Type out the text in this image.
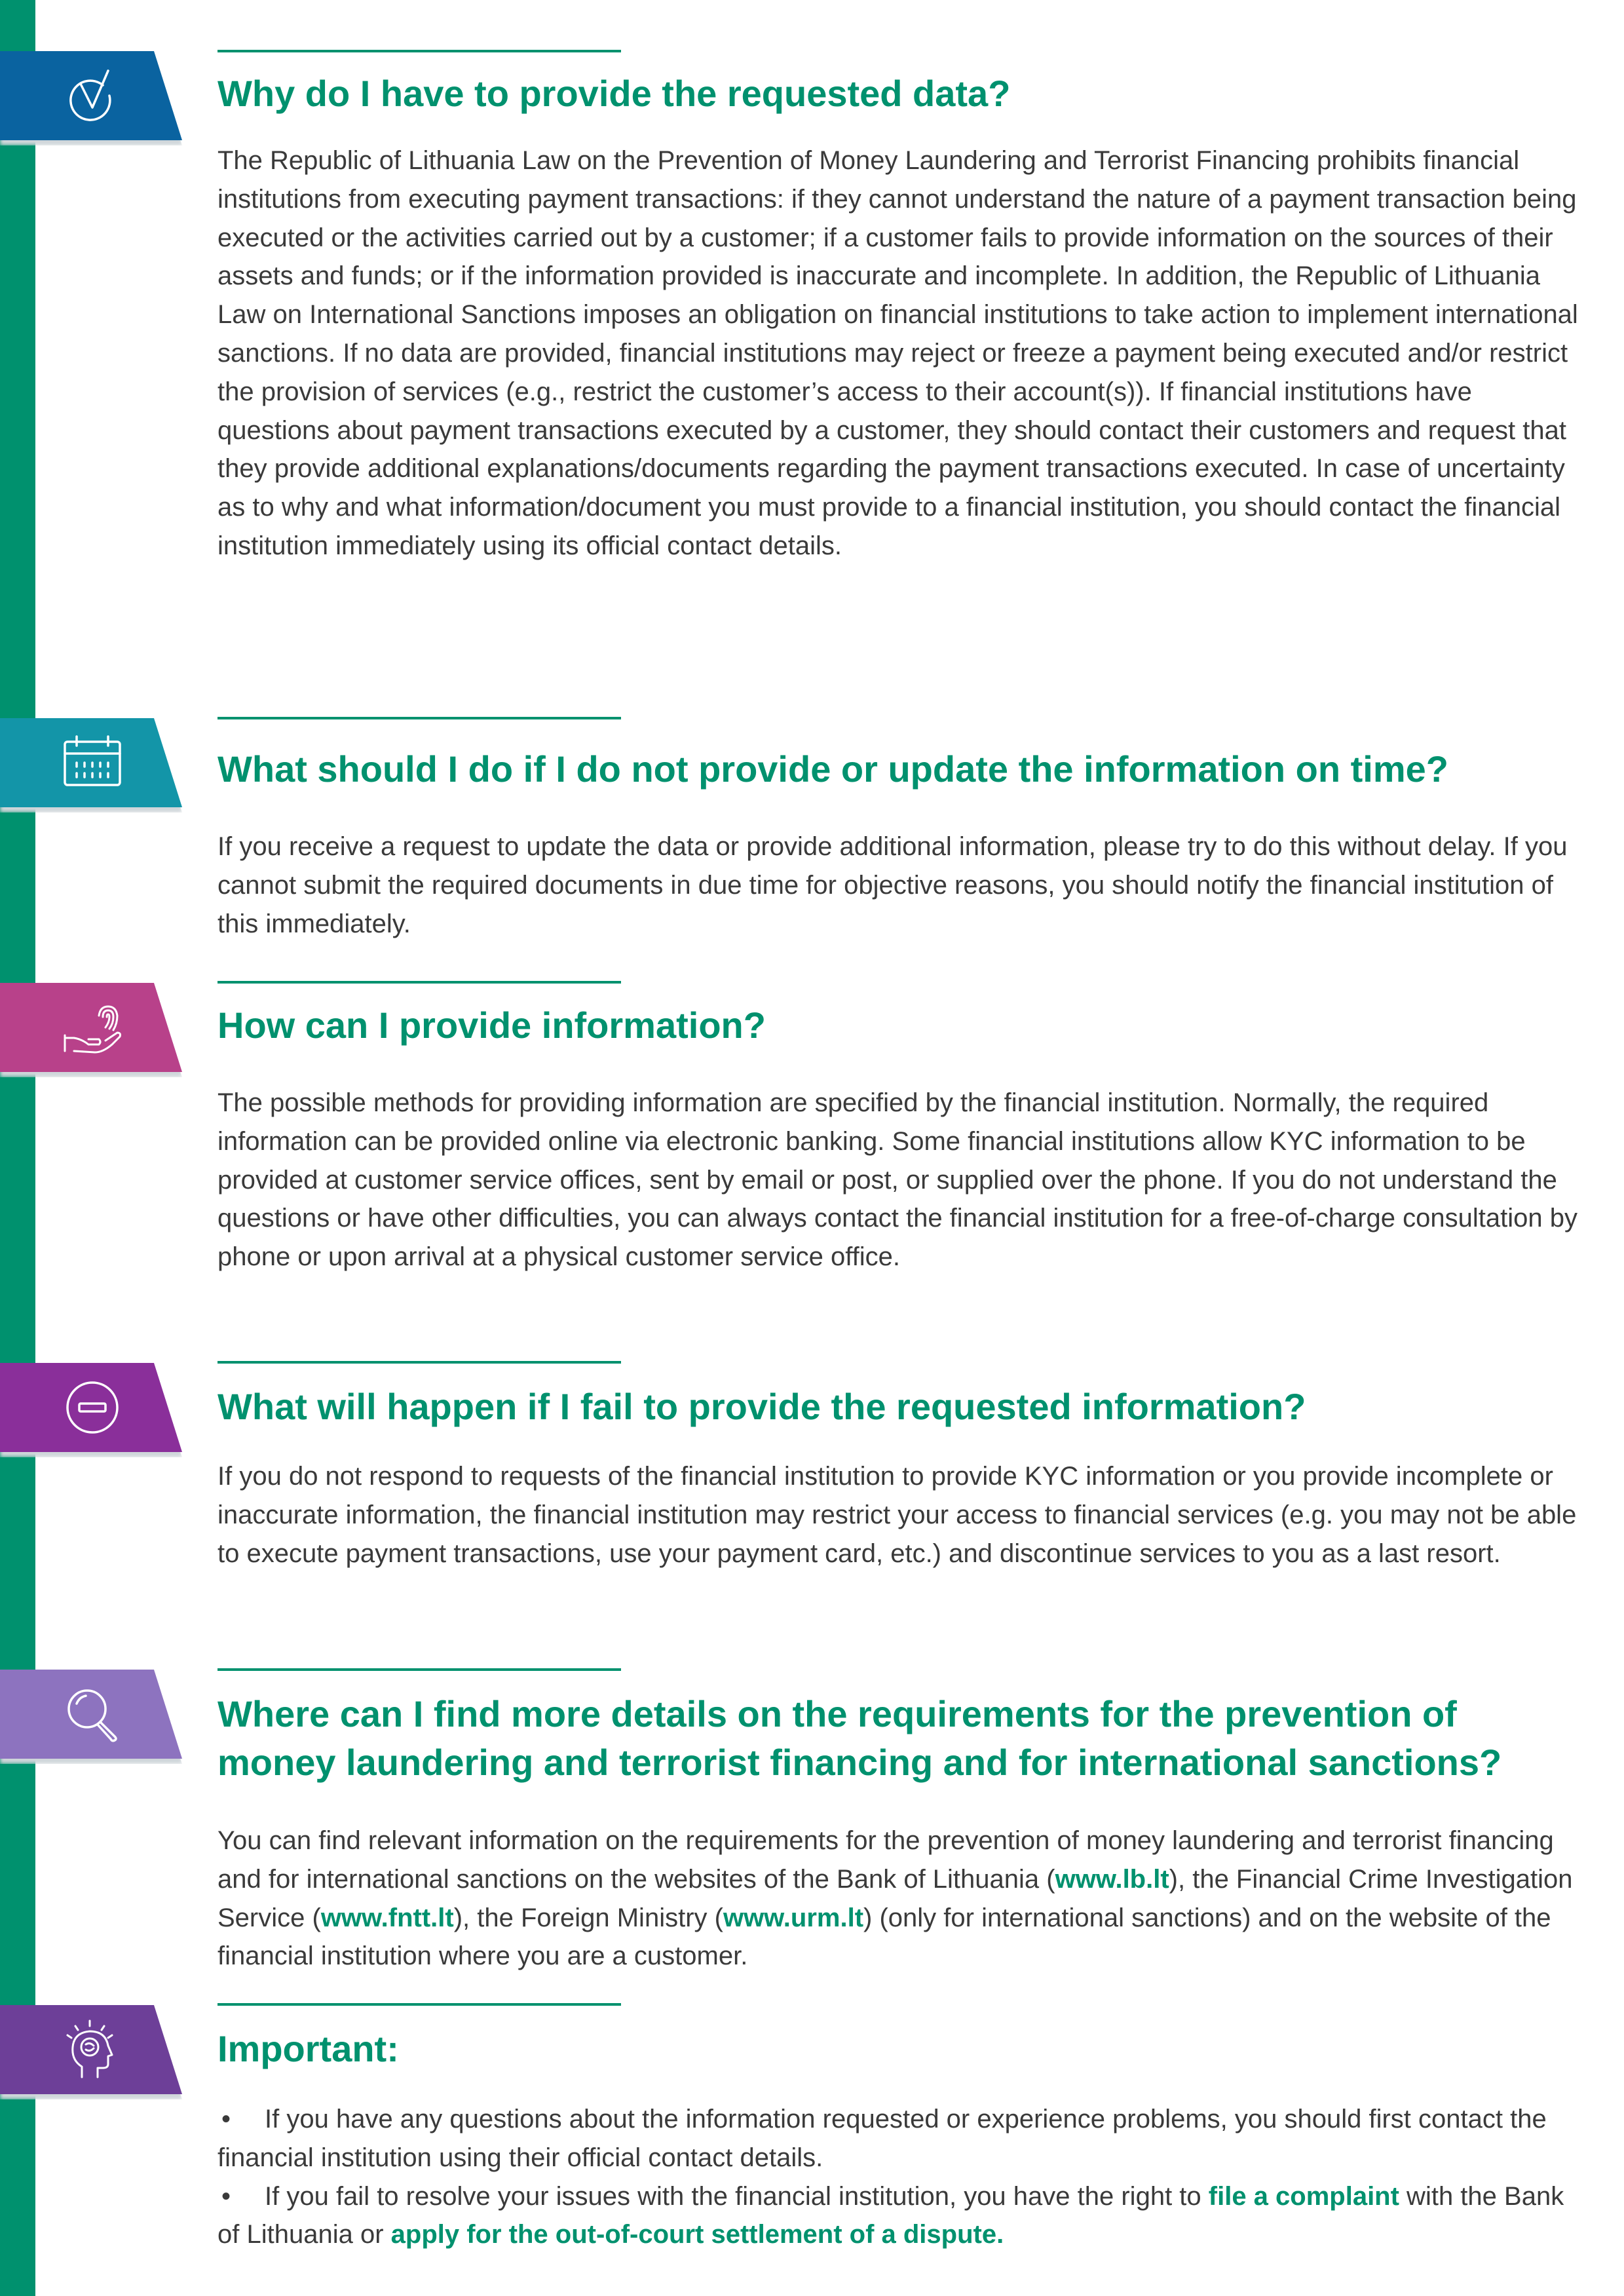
Why do I have to provide the requested data?

The Republic of Lithuania Law on the Prevention of Money Laundering and Terrorist Financing prohibits financial institutions from executing payment transactions: if they cannot understand the nature of a payment transaction being executed or the activities carried out by a customer; if a customer fails to provide information on the sources of their assets and funds; or if the information provided is inaccurate and incomplete. In addition, the Republic of Lithuania Law on International Sanctions imposes an obligation on financial institutions to take action to implement international sanctions. If no data are provided, financial institutions may reject or freeze a payment being executed and/or restrict the provision of services (e.g., restrict the customer’s access to their account(s)). If financial institutions have questions about payment transactions executed by a customer, they should contact their customers and request that they provide additional explanations/documents regarding the payment transactions executed. In case of uncertainty as to why and what information/document you must provide to a financial institution, you should contact the financial institution immediately using its official contact details.

What should I do if I do not provide or update the information on time?

If you receive a request to update the data or provide additional information, please try to do this without delay. If you cannot submit the required documents in due time for objective reasons, you should notify the financial institution of this immediately.

How can I provide information?

The possible methods for providing information are specified by the financial institution. Normally, the required information can be provided online via electronic banking. Some financial institutions allow KYC information to be provided at customer service offices, sent by email or post, or supplied over the phone. If you do not understand the questions or have other difficulties, you can always contact the financial institution for a free-of-charge consultation by phone or upon arrival at a physical customer service office.

What will happen if I fail to provide the requested information?

If you do not respond to requests of the financial institution to provide KYC information or you provide incomplete or inaccurate information, the financial institution may restrict your access to financial services (e.g. you may not be able to execute payment transactions, use your payment card, etc.) and discontinue services to you as a last resort.

Where can I find more details on the requirements for the prevention of money laundering and terrorist financing and for international sanctions?

You can find relevant information on the requirements for the prevention of money laundering and terrorist financing and for international sanctions on the websites of the Bank of Lithuania (www.lb.lt), the Financial Crime Investigation Service (www.fntt.lt), the Foreign Ministry (www.urm.lt) (only for international sanctions) and on the website of the financial institution where you are a customer.

Important:
• If you have any questions about the information requested or experience problems, you should first contact the financial institution using their official contact details.
• If you fail to resolve your issues with the financial institution, you have the right to file a complaint with the Bank of Lithuania or apply for the out-of-court settlement of a dispute.
